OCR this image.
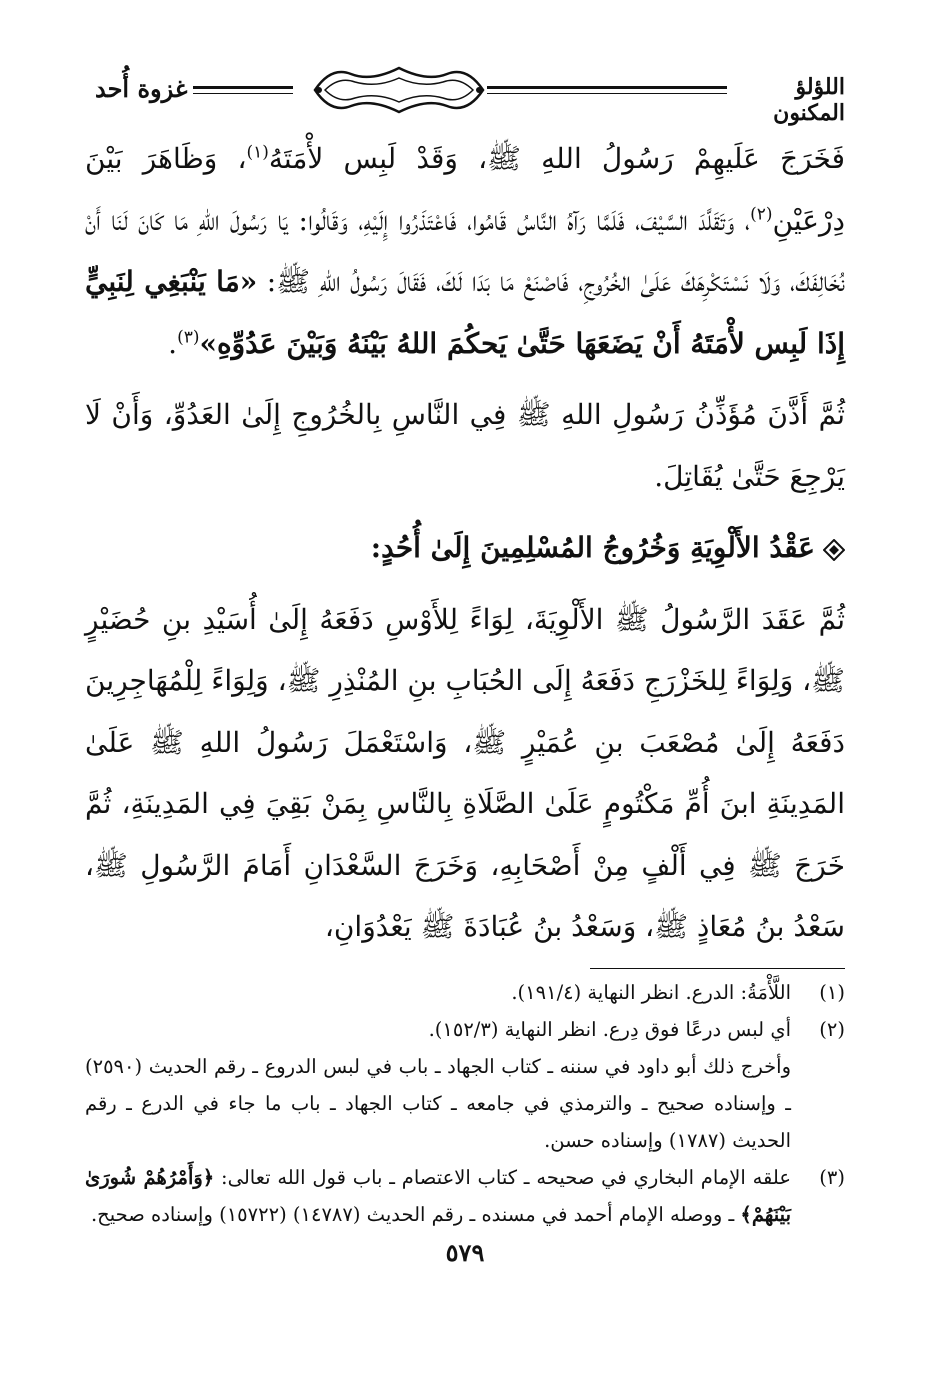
اللؤلؤ المكنون
غزوة أُحد

فَخَرَجَ عَلَيهِمْ رَسُولُ اللهِ ﷺ، وَقَدْ لَبِس لأْمَتَهُ$^{(١)}$، وَظَاهَرَ بَيْنَ دِرْعَيْنِ$^{(٢)}$، وَتَقَلَّدَ السَّيْفَ، فَلَمَّا رَآهُ النَّاسُ قَامُوا، فَاعْتَذَرُوا إِلَيْهِ، وَقَالُوا: يَا رَسُولَ اللهِ مَا كَانَ لَنَا أَنْ نُخَالِفَكَ، وَلَا نَسْتَكْرِهَكَ عَلَىٰ الخُرُوجِ، فَاصْنَعْ مَا بَدَا لَكَ، فَقَالَ رَسُولُ اللهِ ﷺ: «مَا يَنْبَغِي لِنَبِيٍّ إِذَا لَبِس لأْمَتَهُ أَنْ يَضَعَهَا حَتَّىٰ يَحكُمَ اللهُ بَيْنَهُ وَبَيْنَ عَدُوِّهِ»$^{(٣)}$.

ثُمَّ أَذَّنَ مُؤَذِّنُ رَسُولِ اللهِ ﷺ فِي النَّاسِ بِالخُرُوجِ إِلَىٰ العَدُوِّ، وَأَنْ لَا يَرْجِعَ حَتَّىٰ يُقَاتِلَ.

عَقْدُ الأَلْوِيَةِ وَخُرُوجُ المُسْلِمِينَ إِلَىٰ أُحُدٍ:

ثُمَّ عَقَدَ الرَّسُولُ ﷺ الأَلْوِيَةَ، لِوَاءً لِلأَوْسِ دَفَعَهُ إِلَىٰ أُسَيْدِ بنِ حُضَيْرٍ ﷺ، وَلِوَاءً لِلخَزْرَجِ دَفَعَهُ إِلَى الحُبَابِ بنِ المُنْذِرِ ﷺ، وَلِوَاءً لِلْمُهَاجِرِينَ دَفَعَهُ إِلَىٰ مُصْعَبَ بنِ عُمَيْرٍ ﷺ، وَاسْتَعْمَلَ رَسُولُ اللهِ ﷺ عَلَىٰ المَدِينَةِ ابنَ أُمِّ مَكْتُومٍ عَلَىٰ الصَّلَاةِ بِالنَّاسِ بِمَنْ بَقِيَ فِي المَدِينَةِ، ثُمَّ خَرَجَ ﷺ فِي أَلْفٍ مِنْ أَصْحَابِهِ، وَخَرَجَ السَّعْدَانِ أَمَامَ الرَّسُولِ ﷺ، سَعْدُ بنُ مُعَاذٍ ﷺ، وَسَعْدُ بنُ عُبَادَةَ ﷺ يَعْدُوَانِ،

(١)
اللَّأْمَةُ: الدرع. انظر النهاية (١٩١/٤).
(٢)
أي لبس درعًا فوق دِرع. انظر النهاية (١٥٢/٣).
وأخرج ذلك أبو داود في سننه ـ كتاب الجهاد ـ باب في لبس الدروع ـ رقم الحديث (٢٥٩٠) ـ وإسناده صحيح ـ والترمذي في جامعه ـ كتاب الجهاد ـ باب ما جاء في الدرع ـ رقم الحديث (١٧٨٧) وإسناده حسن.
(٣)
علقه الإمام البخاري في صحيحه ـ كتاب الاعتصام ـ باب قول الله تعالى: ﴿وَأَمْرُهُمْ شُورَىٰ بَيْنَهُمْ﴾ ـ ووصله الإمام أحمد في مسنده ـ رقم الحديث (١٤٧٨٧) (١٥٧٢٢) وإسناده صحيح.
٥٧٩
